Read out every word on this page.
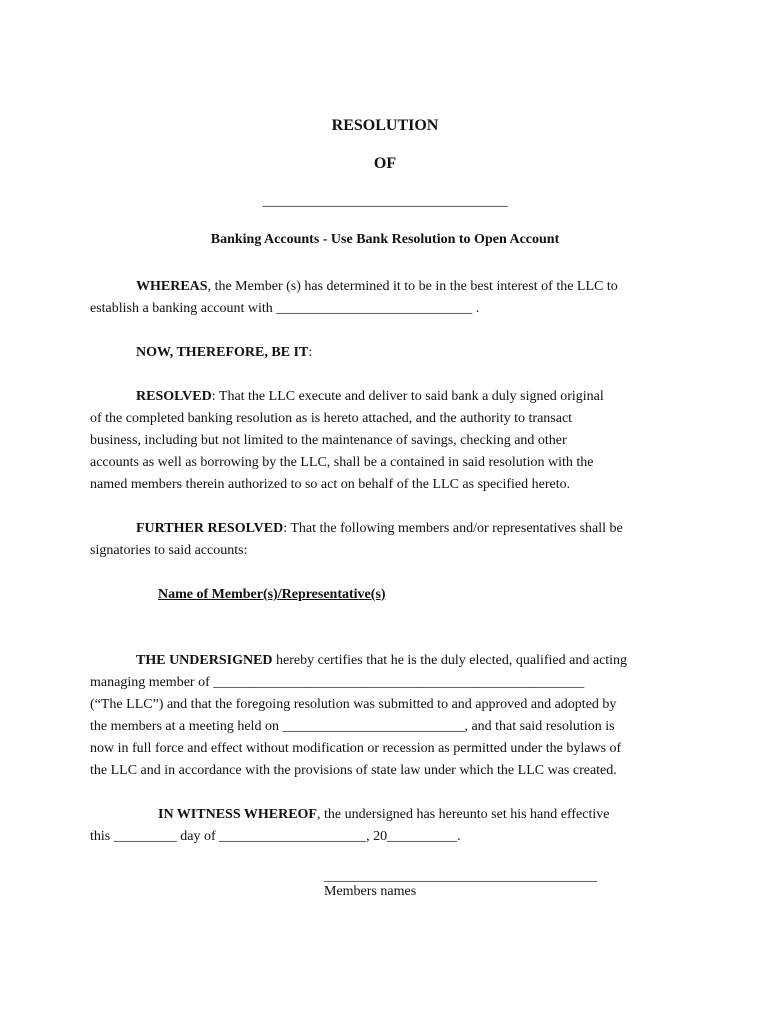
RESOLUTION
OF
___________________________________
Banking Accounts - Use Bank Resolution to Open Account
WHEREAS, the Member (s) has determined it to be in the best interest of the LLC to
establish a banking account with ____________________________ .
NOW, THEREFORE, BE IT:
RESOLVED: That the LLC execute and deliver to said bank a duly signed original
of the completed banking resolution as is hereto attached, and the authority to transact
business, including but not limited to the maintenance of savings, checking and other
accounts as well as borrowing by the LLC, shall be a contained in said resolution with the
named members therein authorized to so act on behalf of the LLC as specified hereto.
FURTHER RESOLVED: That the following members and/or representatives shall be
signatories to said accounts:
Name of Member(s)/Representative(s)
THE UNDERSIGNED hereby certifies that he is the duly elected, qualified and acting
managing member of _____________________________________________________
(“The LLC”) and that the foregoing resolution was submitted to and approved and adopted by
the members at a meeting held on __________________________, and that said resolution is
now in full force and effect without modification or recession as permitted under the bylaws of
the LLC and in accordance with the provisions of state law under which the LLC was created.
IN WITNESS WHEREOF, the undersigned has hereunto set his hand effective
this _________ day of _____________________, 20__________.
_______________________________________
Members names
